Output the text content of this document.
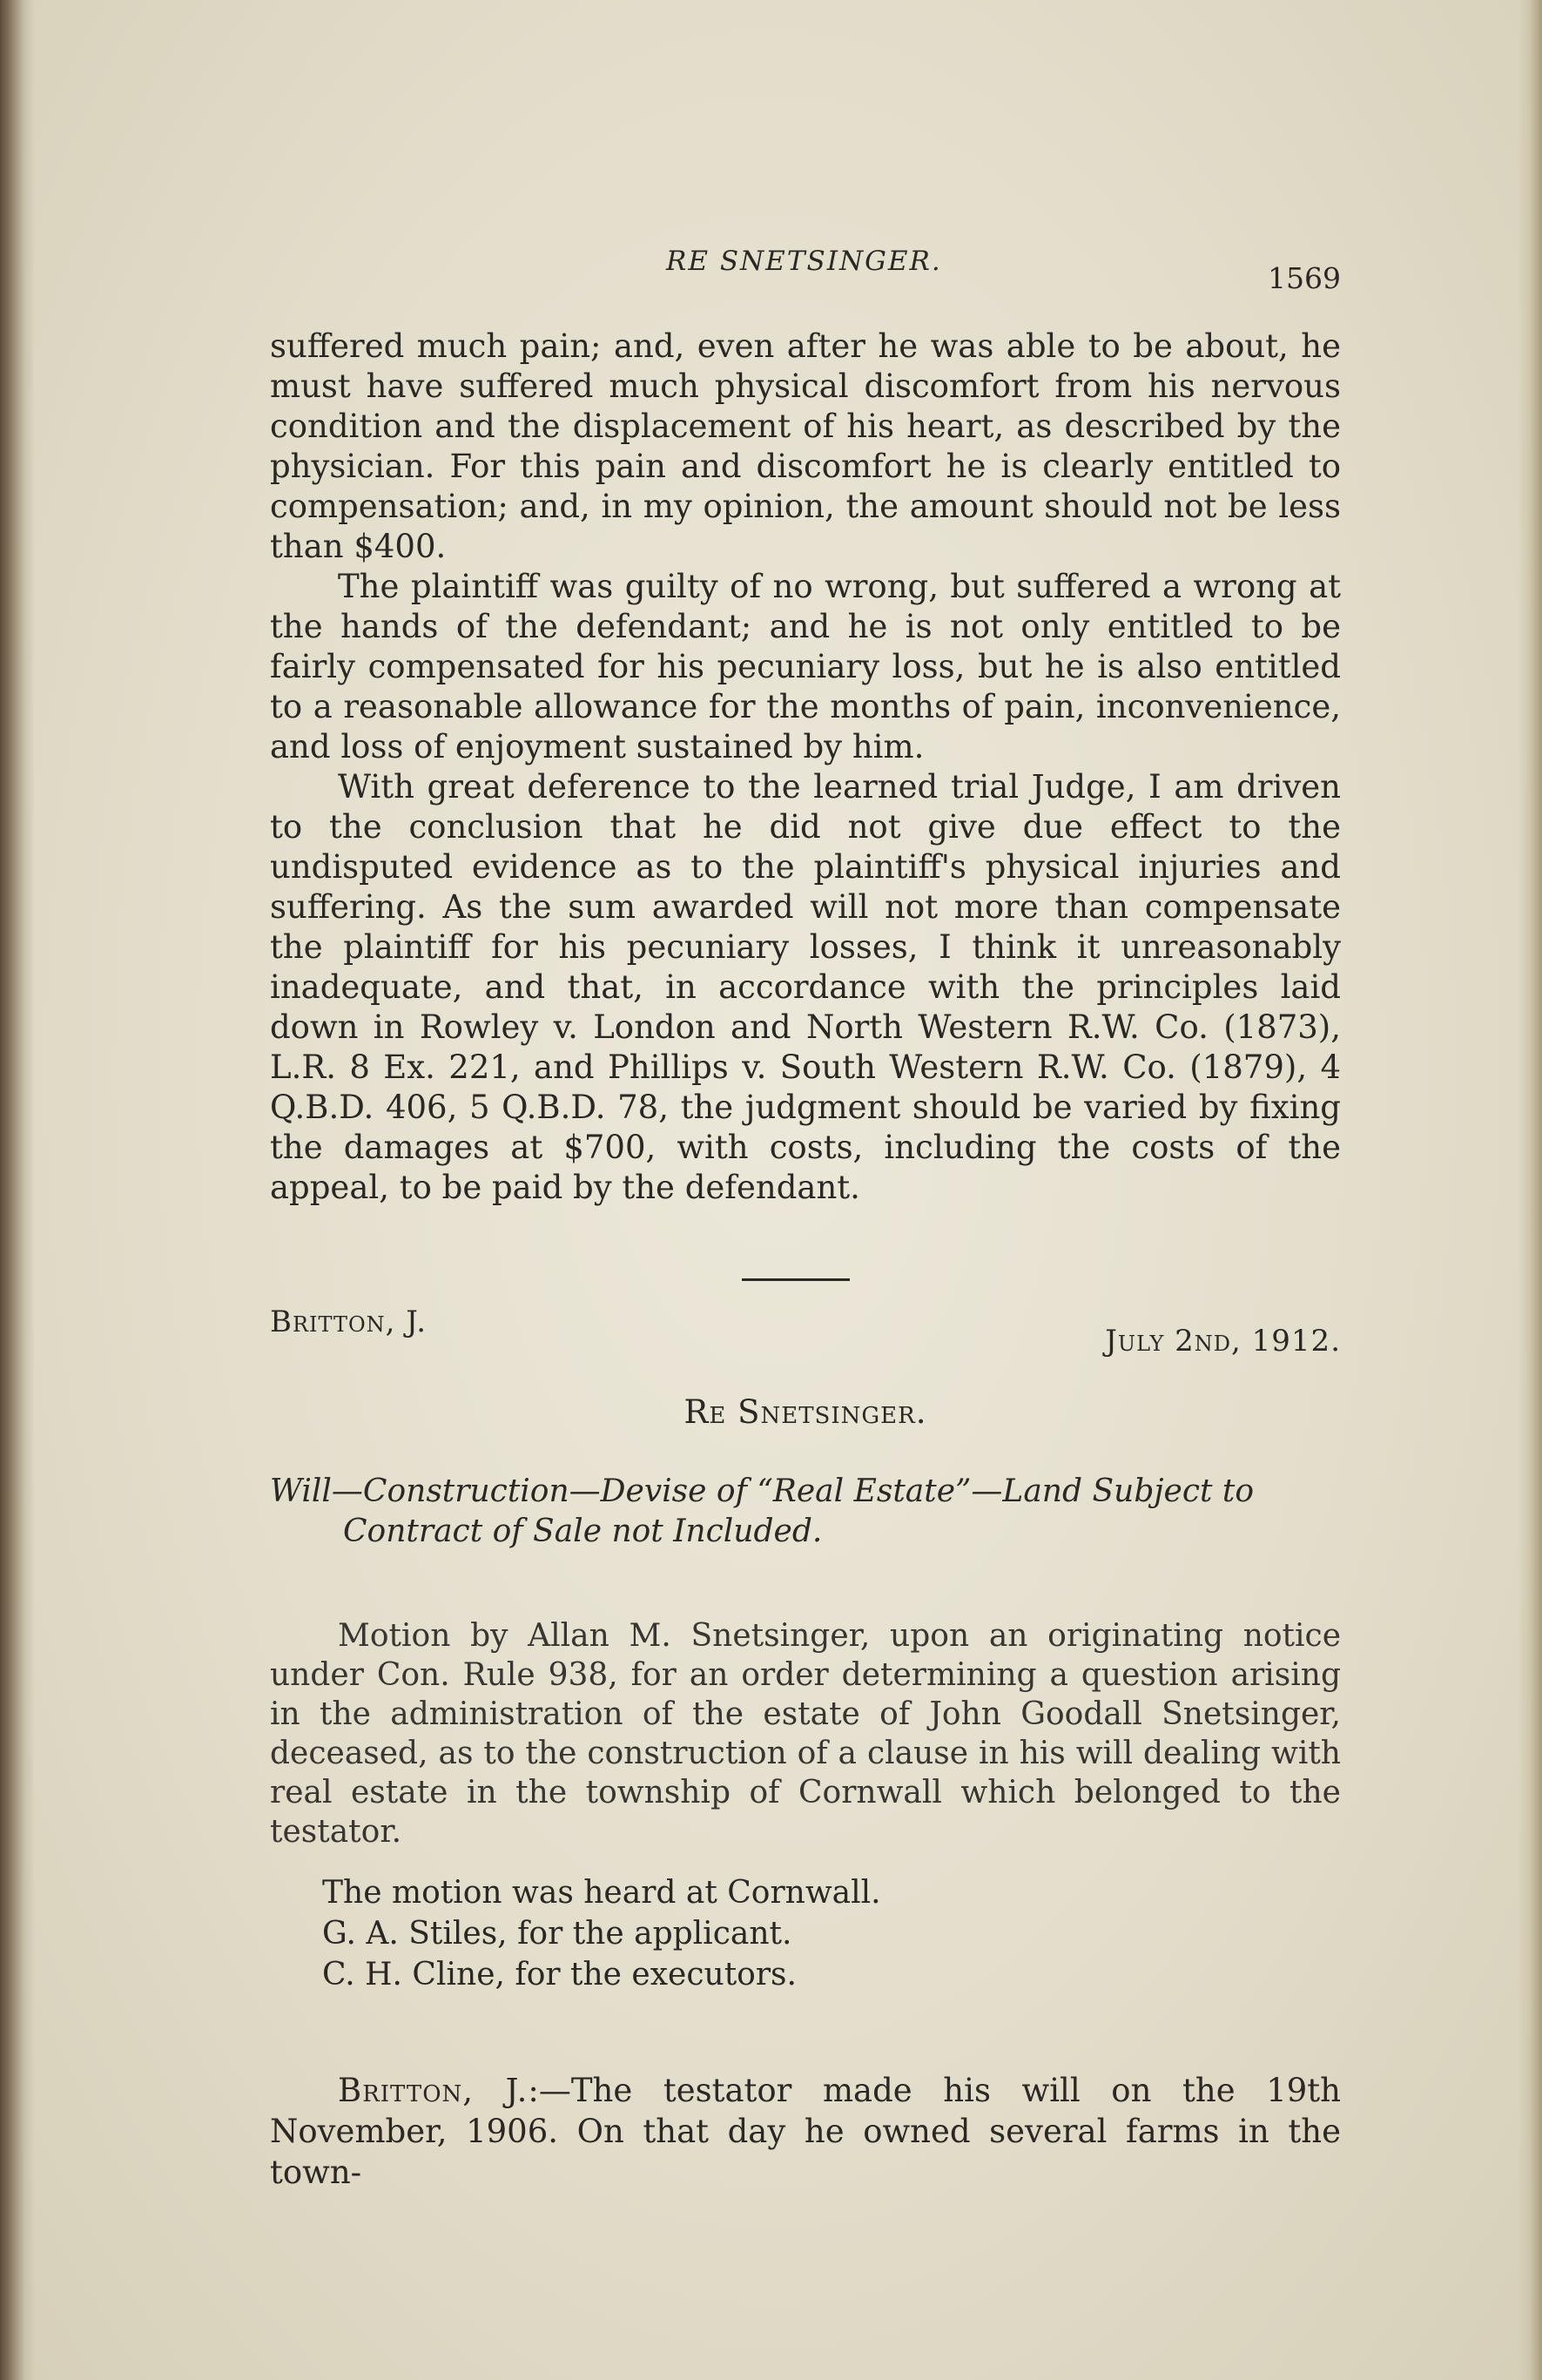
RE SNETSINGER.	1569

suffered much pain; and, even after he was able to be about, he must have suffered much physical discomfort from his nervous condition and the displacement of his heart, as described by the physician. For this pain and discomfort he is clearly entitled to compensation; and, in my opinion, the amount should not be less than $400.

The plaintiff was guilty of no wrong, but suffered a wrong at the hands of the defendant; and he is not only entitled to be fairly compensated for his pecuniary loss, but he is also entitled to a reasonable allowance for the months of pain, inconvenience, and loss of enjoyment sustained by him.

With great deference to the learned trial Judge, I am driven to the conclusion that he did not give due effect to the undisputed evidence as to the plaintiff's physical injuries and suffering. As the sum awarded will not more than compensate the plaintiff for his pecuniary losses, I think it unreasonably inadequate, and that, in accordance with the principles laid down in Rowley v. London and North Western R.W. Co. (1873), L.R. 8 Ex. 221, and Phillips v. South Western R.W. Co. (1879), 4 Q.B.D. 406, 5 Q.B.D. 78, the judgment should be varied by fixing the damages at $700, with costs, including the costs of the appeal, to be paid by the defendant.

Britton, J.
July 2nd, 1912.
Re Snetsinger.
Will—Construction—Devise of “Real Estate”—Land Subject to
Contract of Sale not Included.

Motion by Allan M. Snetsinger, upon an originating notice under Con. Rule 938, for an order determining a question arising in the administration of the estate of John Goodall Snetsinger, deceased, as to the construction of a clause in his will dealing with real estate in the township of Cornwall which belonged to the testator.

The motion was heard at Cornwall.
G. A. Stiles, for the applicant.
C. H. Cline, for the executors.

Britton, J.:—The testator made his will on the 19th November, 1906. On that day he owned several farms in the town-
